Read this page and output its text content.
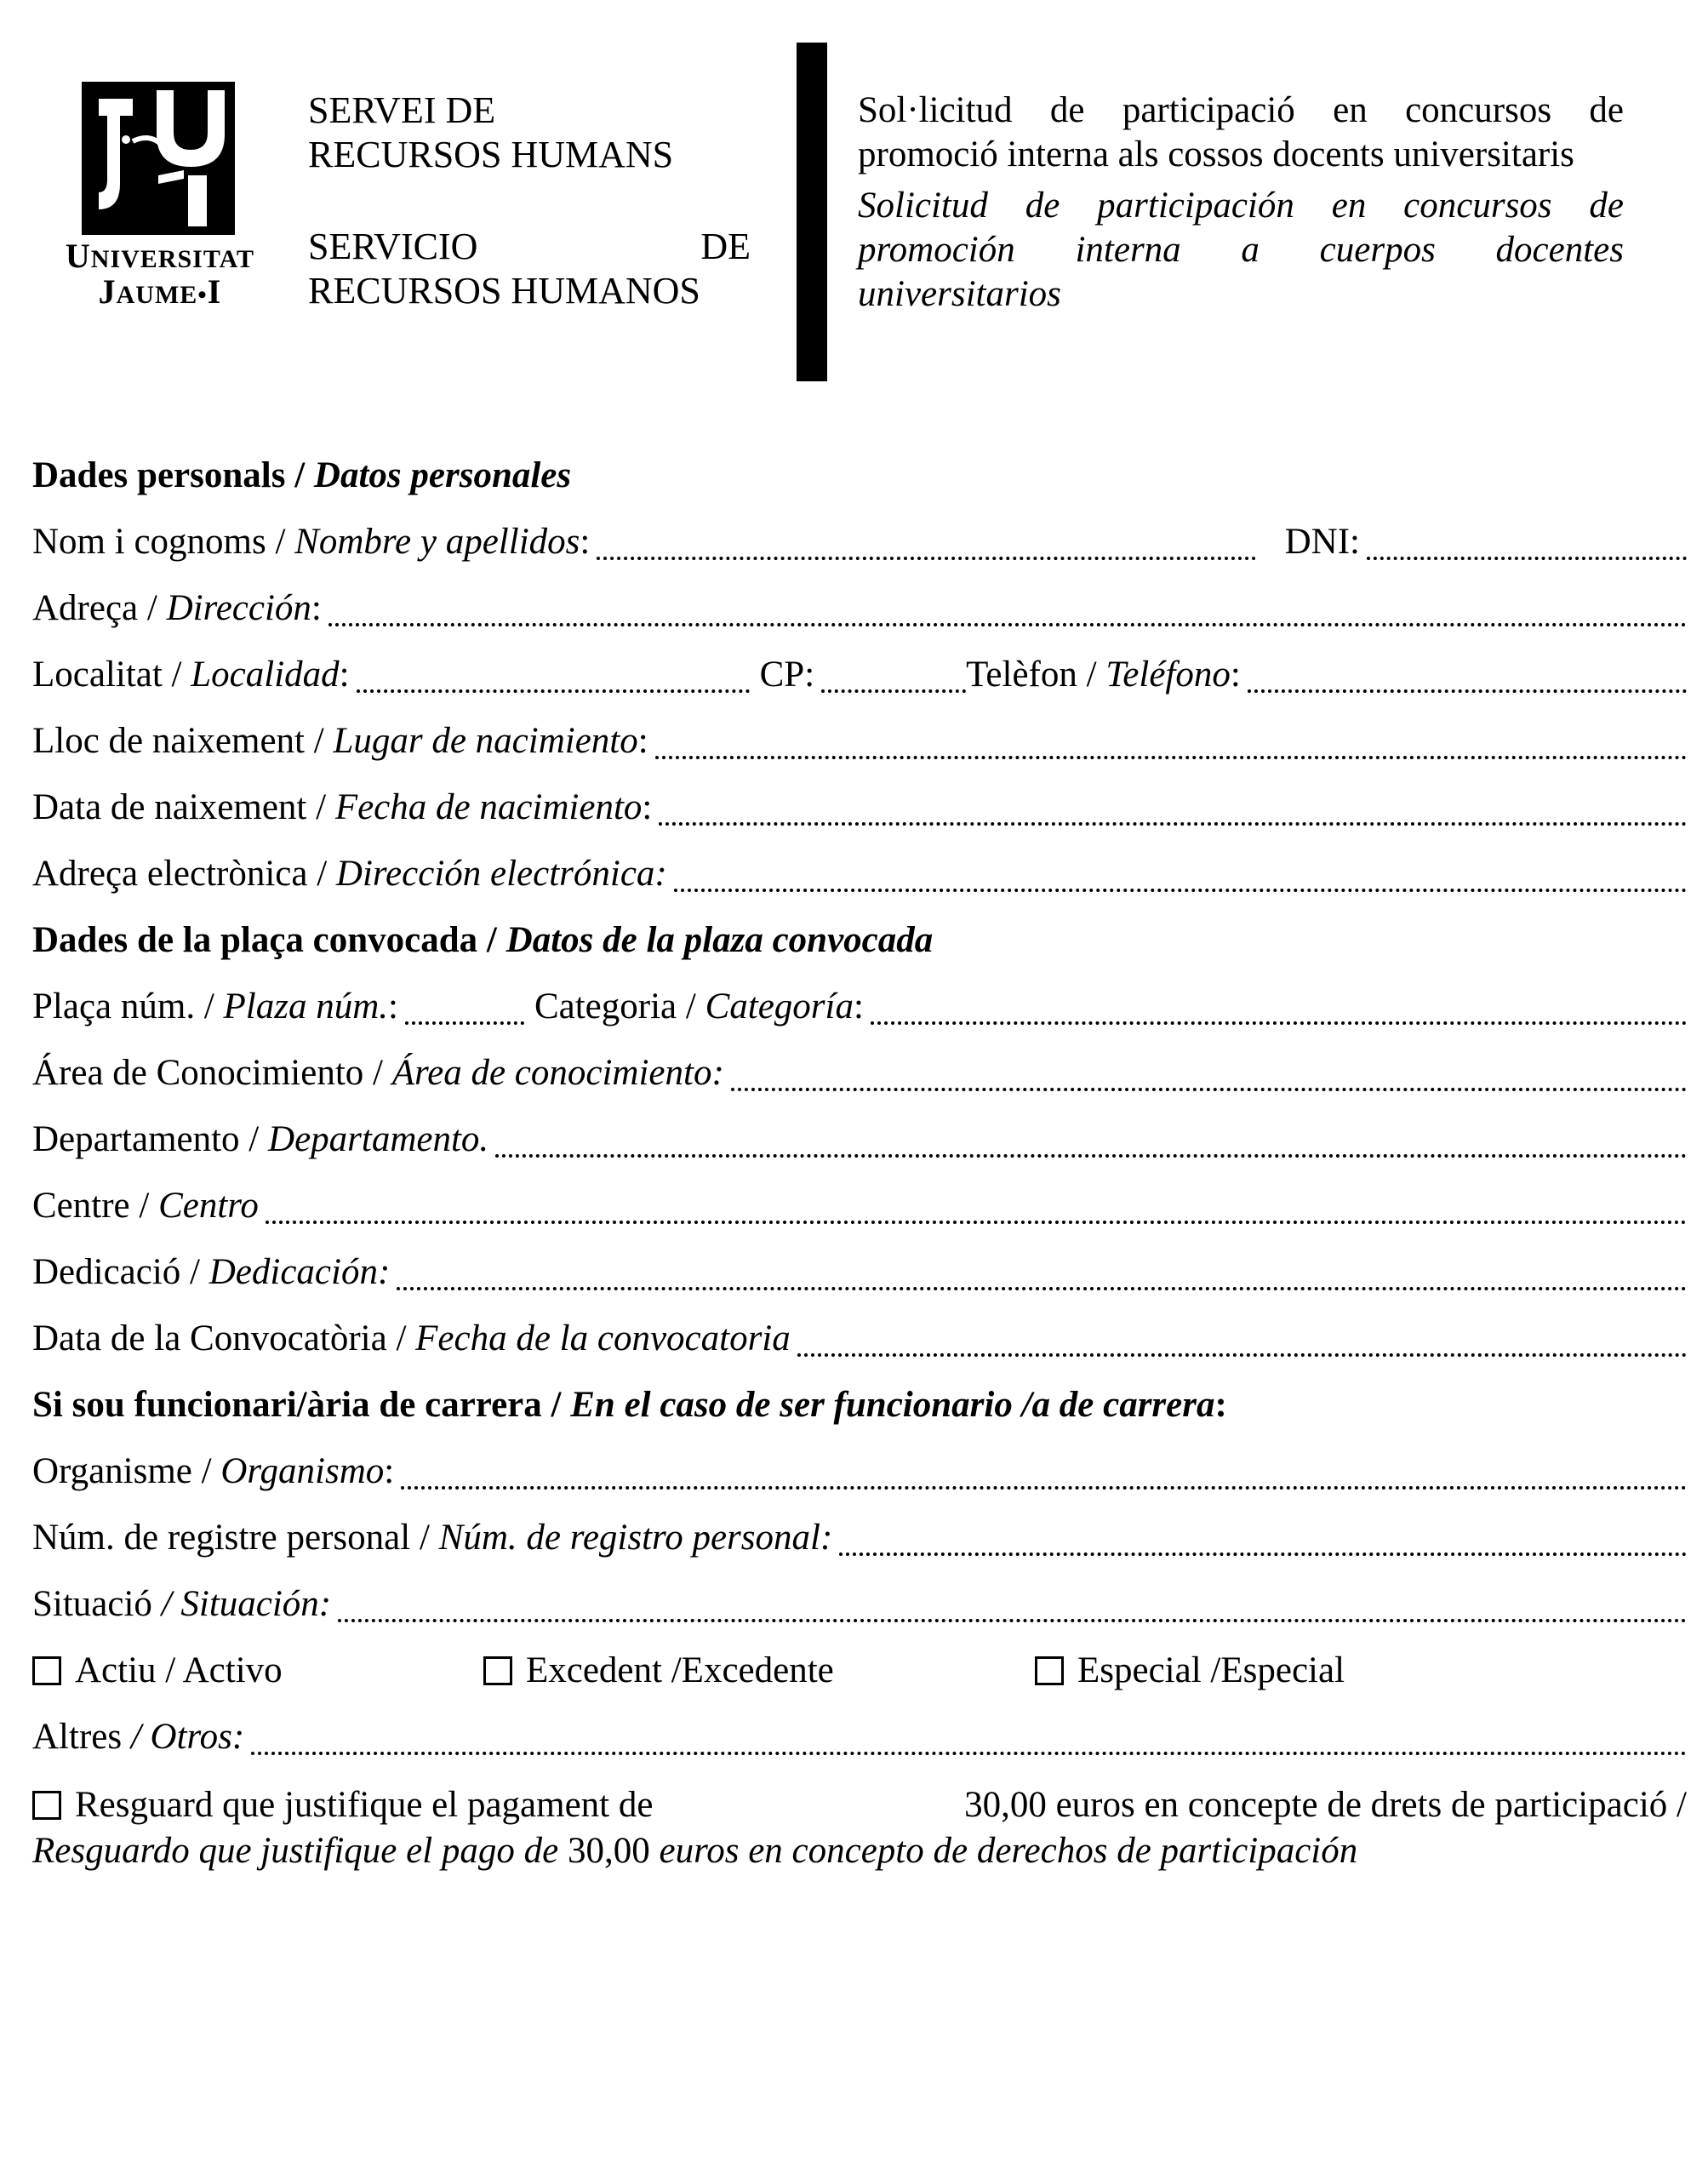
UNIVERSITAT
JAUME•I
SERVEI DE
RECURSOS HUMANS
SERVICIO	DE
RECURSOS HUMANOS
Sol·licitud de participació en concursos de promoció interna als cossos docents universitaris
Solicitud de participación en concursos de promoción interna a cuerpos docentes universitarios
Dades personals /
Datos personales
Nom i cognoms / Nombre y apellidos:	DNI:
Adreça / Dirección:
Localitat / Localidad:	CP:	Telèfon / Teléfono:
Lloc de naixement / Lugar de nacimiento:
Data de naixement / Fecha de nacimiento:
Adreça electrònica / Dirección electrónica:
Dades de la plaça convocada /
Datos de la plaza convocada
Plaça núm. / Plaza núm.:	Categoria / Categoría:
Área de Conocimiento / Área de conocimiento:
Departamento / Departamento.
Centre / Centro
Dedicació / Dedicación:
Data de la Convocatòria / Fecha de la convocatoria
Si sou funcionari/ària de carrera /
En el caso de ser funcionario /a de carrera :
Organisme / Organismo:
Núm. de registre personal / Núm. de registro personal:
Situació / Situación:
Actiu / Activo	Excedent /Excedente	Especial /Especial
Altres / Otros:
Resguard que justifique el pagament de	30,00 euros en concepte de drets de participació /
Resguardo que justifique el pago de 30,00 euros en concepto de derechos de participación
